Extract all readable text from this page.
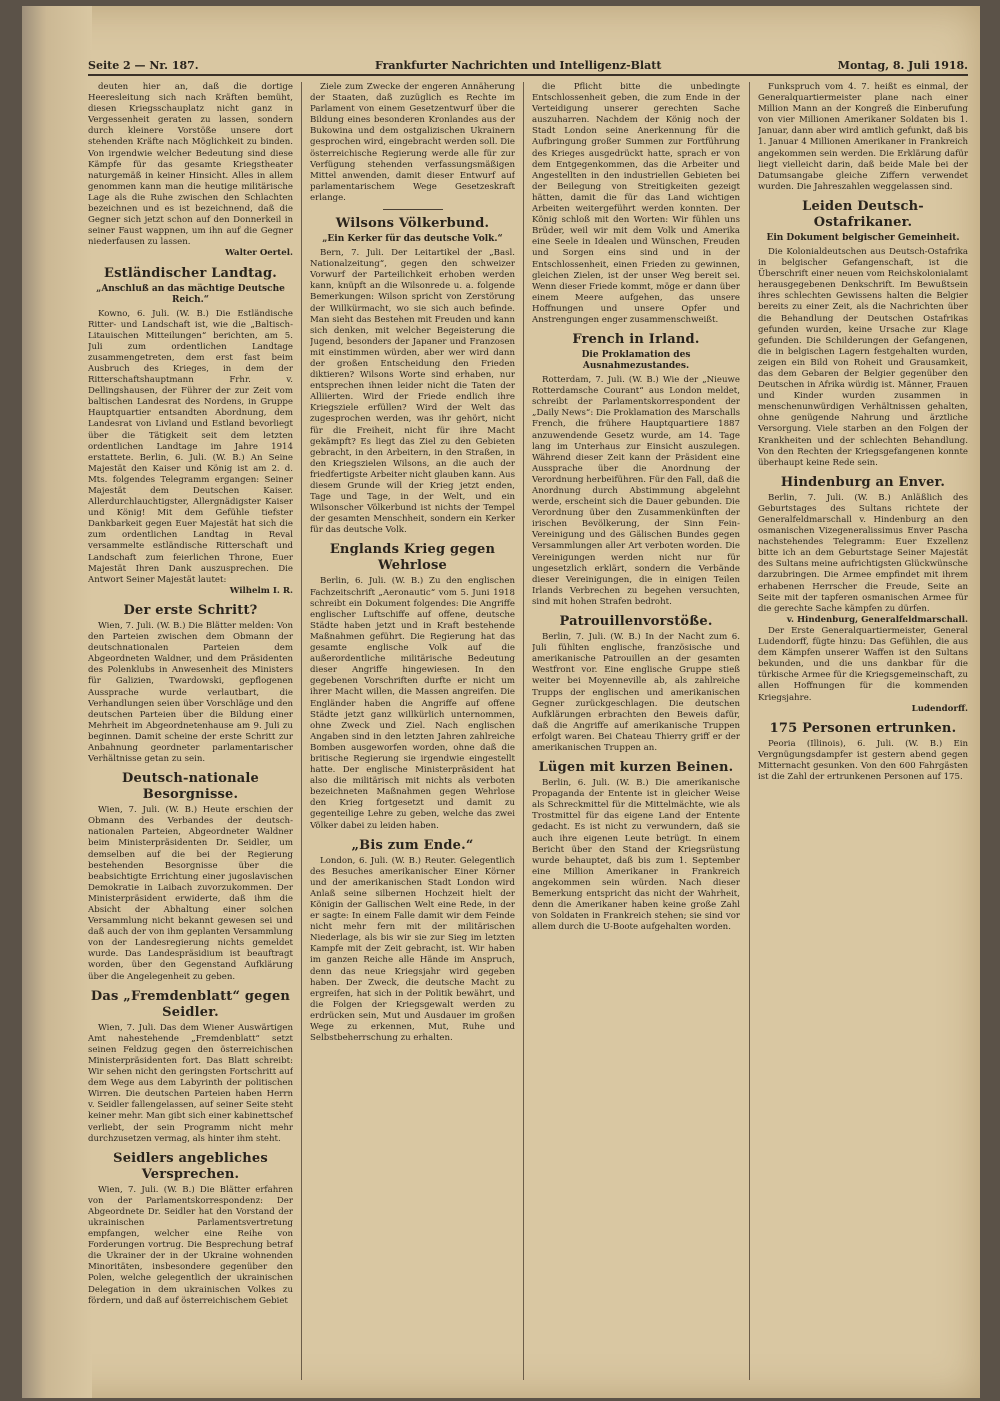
Seite 2 — Nr. 187.	Frankfurter Nachrichten und Intelligenz-Blatt	Montag, 8. Juli 1918.

deuten hier an, daß die dortige Heeresleitung sich nach Kräften bemüht, diesen Kriegsschauplatz nicht ganz in Vergessenheit geraten zu lassen, sondern durch kleinere Vorstöße unsere dort stehenden Kräfte nach Möglichkeit zu binden. Von irgendwie welcher Bedeutung sind diese Kämpfe für das gesamte Kriegstheater naturgemäß in keiner Hinsicht. Alles in allem genommen kann man die heutige militärische Lage als die Ruhe zwischen den Schlachten bezeichnen und es ist bezeichnend, daß die Gegner sich jetzt schon auf den Donnerkeil in seiner Faust wappnen, um ihn auf die Gegner niederfausen zu lassen.

Walter Oertel.

Estländischer Landtag.
„Anschluß an das mächtige Deutsche Reich.“

Kowno, 6. Juli. (W. B.) Die Estländische Ritter- und Landschaft ist, wie die „Baltisch-Litauischen Mitteilungen“ berichten, am 5. Juli zum ordentlichen Landtage zusammengetreten, dem erst fast beim Ausbruch des Krieges, in dem der Ritterschaftshauptmann Frhr. v. Dellingshausen, der Führer der zur Zeit vom baltischen Landesrat des Nordens, in Gruppe Hauptquartier entsandten Abordnung, dem Landesrat von Livland und Estland bevorliegt über die Tätigkeit seit dem letzten ordentlichen Landtage im Jahre 1914 erstattete. Berlin, 6. Juli. (W. B.) An Seine Majestät den Kaiser und König ist am 2. d. Mts. folgendes Telegramm ergangen: Seiner Majestät dem Deutschen Kaiser. Allerdurchlauchtigster, Allergnädigster Kaiser und König! Mit dem Gefühle tiefster Dankbarkeit gegen Euer Majestät hat sich die zum ordentlichen Landtag in Reval versammelte estländische Ritterschaft und Landschaft zum feierlichen Throne, Euer Majestät Ihren Dank auszusprechen. Die Antwort Seiner Majestät lautet:

Wilhelm I. R.

Der erste Schritt?

Wien, 7. Juli. (W. B.) Die Blätter melden: Von den Parteien zwischen dem Obmann der deutschnationalen Parteien dem Abgeordneten Waldner, und dem Präsidenten des Polenklubs in Anwesenheit des Ministers für Galizien, Twardowski, gepflogenen Aussprache wurde verlautbart, die Verhandlungen seien über Vorschläge und den deutschen Parteien über die Bildung einer Mehrheit im Abgeordnetenhause am 9. Juli zu beginnen. Damit scheine der erste Schritt zur Anbahnung geordneter parlamentarischer Verhältnisse getan zu sein.

Deutsch-nationale Besorgnisse.

Wien, 7. Juli. (W. B.) Heute erschien der Obmann des Verbandes der deutsch-nationalen Parteien, Abgeordneter Waldner beim Ministerpräsidenten Dr. Seidler, um demselben auf die bei der Regierung bestehenden Besorgnisse über die beabsichtigte Errichtung einer jugoslavischen Demokratie in Laibach zuvorzukommen. Der Ministerpräsident erwiderte, daß ihm die Absicht der Abhaltung einer solchen Versammlung nicht bekannt gewesen sei und daß auch der von ihm geplanten Versammlung von der Landesregierung nichts gemeldet wurde. Das Landespräsidium ist beauftragt worden, über den Gegenstand Aufklärung über die Angelegenheit zu geben.

Das „Fremdenblatt“ gegen Seidler.

Wien, 7. Juli. Das dem Wiener Auswärtigen Amt nahestehende „Fremdenblatt“ setzt seinen Feldzug gegen den österreichischen Ministerpräsidenten fort. Das Blatt schreibt: Wir sehen nicht den geringsten Fortschritt auf dem Wege aus dem Labyrinth der politischen Wirren. Die deutschen Parteien haben Herrn v. Seidler fallengelassen, auf seiner Seite steht keiner mehr. Man gibt sich einer kabinettschef verliebt, der sein Programm nicht mehr durchzusetzen vermag, als hinter ihm steht.

Seidlers angebliches Versprechen.

Wien, 7. Juli. (W. B.) Die Blätter erfahren von der Parlamentskorrespondenz: Der Abgeordnete Dr. Seidler hat den Vorstand der ukrainischen Parlamentsvertretung empfangen, welcher eine Reihe von Forderungen vortrug. Die Besprechung betraf die Ukrainer der in der Ukraine wohnenden Minoritäten, insbesondere gegenüber den Polen, welche gelegentlich der ukrainischen Delegation in dem ukrainischen Volkes zu fördern, und daß auf österreichischem Gebiet

Ziele zum Zwecke der engeren Annäherung der Staaten, daß zuzüglich es Rechte im Parlament von einem Gesetzentwurf über die Bildung eines besonderen Kronlandes aus der Bukowina und dem ostgalizischen Ukrainern gesprochen wird, eingebracht werden soll. Die österreichische Regierung werde alle für zur Verfügung stehenden verfassungsmäßigen Mittel anwenden, damit dieser Entwurf auf parlamentarischem Wege Gesetzeskraft erlange.

Wilsons Völkerbund.
„Ein Kerker für das deutsche Volk.“

Bern, 7. Juli. Der Leitartikel der „Basl. Nationalzeitung“, gegen den schweizer Vorwurf der Parteilichkeit erhoben werden kann, knüpft an die Wilsonrede u. a. folgende Bemerkungen: Wilson spricht von Zerstörung der Willkürmacht, wo sie sich auch befinde. Man sieht das Bestehen mit Freuden und kann sich denken, mit welcher Begeisterung die Jugend, besonders der Japaner und Franzosen mit einstimmen würden, aber wer wird dann der großen Entscheidung den Frieden diktieren? Wilsons Worte sind erhaben, nur entsprechen ihnen leider nicht die Taten der Alliierten. Wird der Friede endlich ihre Kriegsziele erfüllen? Wird der Welt das zugesprochen werden, was ihr gehört, nicht für die Freiheit, nicht für ihre Macht gekämpft? Es liegt das Ziel zu den Gebieten gebracht, in den Arbeitern, in den Straßen, in den Kriegszielen Wilsons, an die auch der friedfertigste Arbeiter nicht glauben kann. Aus diesem Grunde will der Krieg jetzt enden, Tage und Tage, in der Welt, und ein Wilsonscher Völkerbund ist nichts der Tempel der gesamten Menschheit, sondern ein Kerker für das deutsche Volk.

Englands Krieg gegen Wehrlose

Berlin, 6. Juli. (W. B.) Zu den englischen Fachzeitschrift „Aeronautic“ vom 5. Juni 1918 schreibt ein Dokument folgendes: Die Angriffe englischer Luftschiffe auf offene, deutsche Städte haben jetzt und in Kraft bestehende Maßnahmen geführt. Die Regierung hat das gesamte englische Volk auf die außerordentliche militärische Bedeutung dieser Angriffe hingewiesen. In den gegebenen Vorschriften durfte er nicht um ihrer Macht willen, die Massen angreifen. Die Engländer haben die Angriffe auf offene Städte jetzt ganz willkürlich unternommen, ohne Zweck und Ziel. Nach englischen Angaben sind in den letzten Jahren zahlreiche Bomben ausgeworfen worden, ohne daß die britische Regierung sie irgendwie eingestellt hatte. Der englische Ministerpräsident hat also die militärisch mit nichts als verboten bezeichneten Maßnahmen gegen Wehrlose den Krieg fortgesetzt und damit zu gegenteilige Lehre zu geben, welche das zwei Völker dabei zu leiden haben.

„Bis zum Ende.“

London, 6. Juli. (W. B.) Reuter. Gelegentlich des Besuches amerikanischer Einer Körner und der amerikanischen Stadt London wird Anlaß seine silbernen Hochzeit hielt der Königin der Gallischen Welt eine Rede, in der er sagte: In einem Falle damit wir dem Feinde nicht mehr fern mit der militärischen Niederlage, als bis wir sie zur Sieg im letzten Kampfe mit der Zeit gebracht, ist. Wir haben im ganzen Reiche alle Hände im Anspruch, denn das neue Kriegsjahr wird gegeben haben. Der Zweck, die deutsche Macht zu ergreifen, hat sich in der Politik bewährt, und die Folgen der Kriegsgewalt werden zu erdrücken sein, Mut und Ausdauer im großen Wege zu erkennen, Mut, Ruhe und Selbstbeherrschung zu erhalten.

die Pflicht bitte die unbedingte Entschlossenheit geben, die zum Ende in der Verteidigung unserer gerechten Sache auszuharren. Nachdem der König noch der Stadt London seine Anerkennung für die Aufbringung großer Summen zur Fortführung des Krieges ausgedrückt hatte, sprach er von dem Entgegenkommen, das die Arbeiter und Angestellten in den industriellen Gebieten bei der Beilegung von Streitigkeiten gezeigt hätten, damit die für das Land wichtigen Arbeiten weitergeführt werden konnten. Der König schloß mit den Worten: Wir fühlen uns Brüder, weil wir mit dem Volk und Amerika eine Seele in Idealen und Wünschen, Freuden und Sorgen eins sind und in der Entschlossenheit, einen Frieden zu gewinnen, gleichen Zielen, ist der unser Weg bereit sei. Wenn dieser Friede kommt, möge er dann über einem Meere aufgehen, das unsere Hoffnungen und unsere Opfer und Anstrengungen enger zusammenschweißt.

French in Irland.
Die Proklamation des Ausnahmezustandes.

Rotterdam, 7. Juli. (W. B.) Wie der „Nieuwe Rotterdamsche Courant“ aus London meldet, schreibt der Parlamentskorrespondent der „Daily News“: Die Proklamation des Marschalls French, die frühere Hauptquartiere 1887 anzuwendende Gesetz wurde, am 14. Tage lang im Unterhaus zur Einsicht auszulegen. Während dieser Zeit kann der Präsident eine Aussprache über die Anordnung der Verordnung herbeiführen. Für den Fall, daß die Anordnung durch Abstimmung abgelehnt werde, erscheint sich die Dauer gebunden. Die Verordnung über den Zusammenkünften der irischen Bevölkerung, der Sinn Fein-Vereinigung und des Gälischen Bundes gegen Versammlungen aller Art verboten worden. Die Vereinigungen werden nicht nur für ungesetzlich erklärt, sondern die Verbände dieser Vereinigungen, die in einigen Teilen Irlands Verbrechen zu begehen versuchten, sind mit hohen Strafen bedroht.

Patrouillenvorstöße.

Berlin, 7. Juli. (W. B.) In der Nacht zum 6. Juli fühlten englische, französische und amerikanische Patrouillen an der gesamten Westfront vor. Eine englische Gruppe stieß weiter bei Moyenneville ab, als zahlreiche Trupps der englischen und amerikanischen Gegner zurückgeschlagen. Die deutschen Aufklärungen erbrachten den Beweis dafür, daß die Angriffe auf amerikanische Truppen erfolgt waren. Bei Chateau Thierry griff er der amerikanischen Truppen an.

Lügen mit kurzen Beinen.

Berlin, 6. Juli. (W. B.) Die amerikanische Propaganda der Entente ist in gleicher Weise als Schreckmittel für die Mittelmächte, wie als Trostmittel für das eigene Land der Entente gedacht. Es ist nicht zu verwundern, daß sie auch ihre eigenen Leute betrügt. In einem Bericht über den Stand der Kriegsrüstung wurde behauptet, daß bis zum 1. September eine Million Amerikaner in Frankreich angekommen sein würden. Nach dieser Bemerkung entspricht das nicht der Wahrheit, denn die Amerikaner haben keine große Zahl von Soldaten in Frankreich stehen; sie sind vor allem durch die U-Boote aufgehalten worden.

Funkspruch vom 4. 7. heißt es einmal, der Generalquartiermeister plane nach einer Million Mann an der Kongreß die Einberufung von vier Millionen Amerikaner Soldaten bis 1. Januar, dann aber wird amtlich gefunkt, daß bis 1. Januar 4 Millionen Amerikaner in Frankreich angekommen sein werden. Die Erklärung dafür liegt vielleicht darin, daß beide Male bei der Datumsangabe gleiche Ziffern verwendet wurden. Die Jahreszahlen weggelassen sind.

Leiden Deutsch-Ostafrikaner.
Ein Dokument belgischer Gemeinheit.

Die Kolonialdeutschen aus Deutsch-Ostafrika in belgischer Gefangenschaft, ist die Überschrift einer neuen vom Reichskolonialamt herausgegebenen Denkschrift. Im Bewußtsein ihres schlechten Gewissens halten die Belgier bereits zu einer Zeit, als die Nachrichten über die Behandlung der Deutschen Ostafrikas gefunden wurden, keine Ursache zur Klage gefunden. Die Schilderungen der Gefangenen, die in belgischen Lagern festgehalten wurden, zeigen ein Bild von Roheit und Grausamkeit, das dem Gebaren der Belgier gegenüber den Deutschen in Afrika würdig ist. Männer, Frauen und Kinder wurden zusammen in menschenunwürdigen Verhältnissen gehalten, ohne genügende Nahrung und ärztliche Versorgung. Viele starben an den Folgen der Krankheiten und der schlechten Behandlung. Von den Rechten der Kriegsgefangenen konnte überhaupt keine Rede sein.

Hindenburg an Enver.

Berlin, 7. Juli. (W. B.) Anläßlich des Geburtstages des Sultans richtete der Generalfeldmarschall v. Hindenburg an den osmanischen Vizegeneralissimus Enver Pascha nachstehendes Telegramm: Euer Exzellenz bitte ich an dem Geburtstage Seiner Majestät des Sultans meine aufrichtigsten Glückwünsche darzubringen. Die Armee empfindet mit ihrem erhabenen Herrscher die Freude, Seite an Seite mit der tapferen osmanischen Armee für die gerechte Sache kämpfen zu dürfen.

v. Hindenburg, Generalfeldmarschall.

Der Erste Generalquartiermeister, General Ludendorff, fügte hinzu: Das Gefühlen, die aus dem Kämpfen unserer Waffen ist den Sultans bekunden, und die uns dankbar für die türkische Armee für die Kriegsgemeinschaft, zu allen Hoffnungen für die kommenden Kriegsjahre.

Ludendorff.

175 Personen ertrunken.

Peoria (Illinois), 6. Juli. (W. B.) Ein Vergnügungsdampfer ist gestern abend gegen Mitternacht gesunken. Von den 600 Fahrgästen ist die Zahl der ertrunkenen Personen auf 175.
